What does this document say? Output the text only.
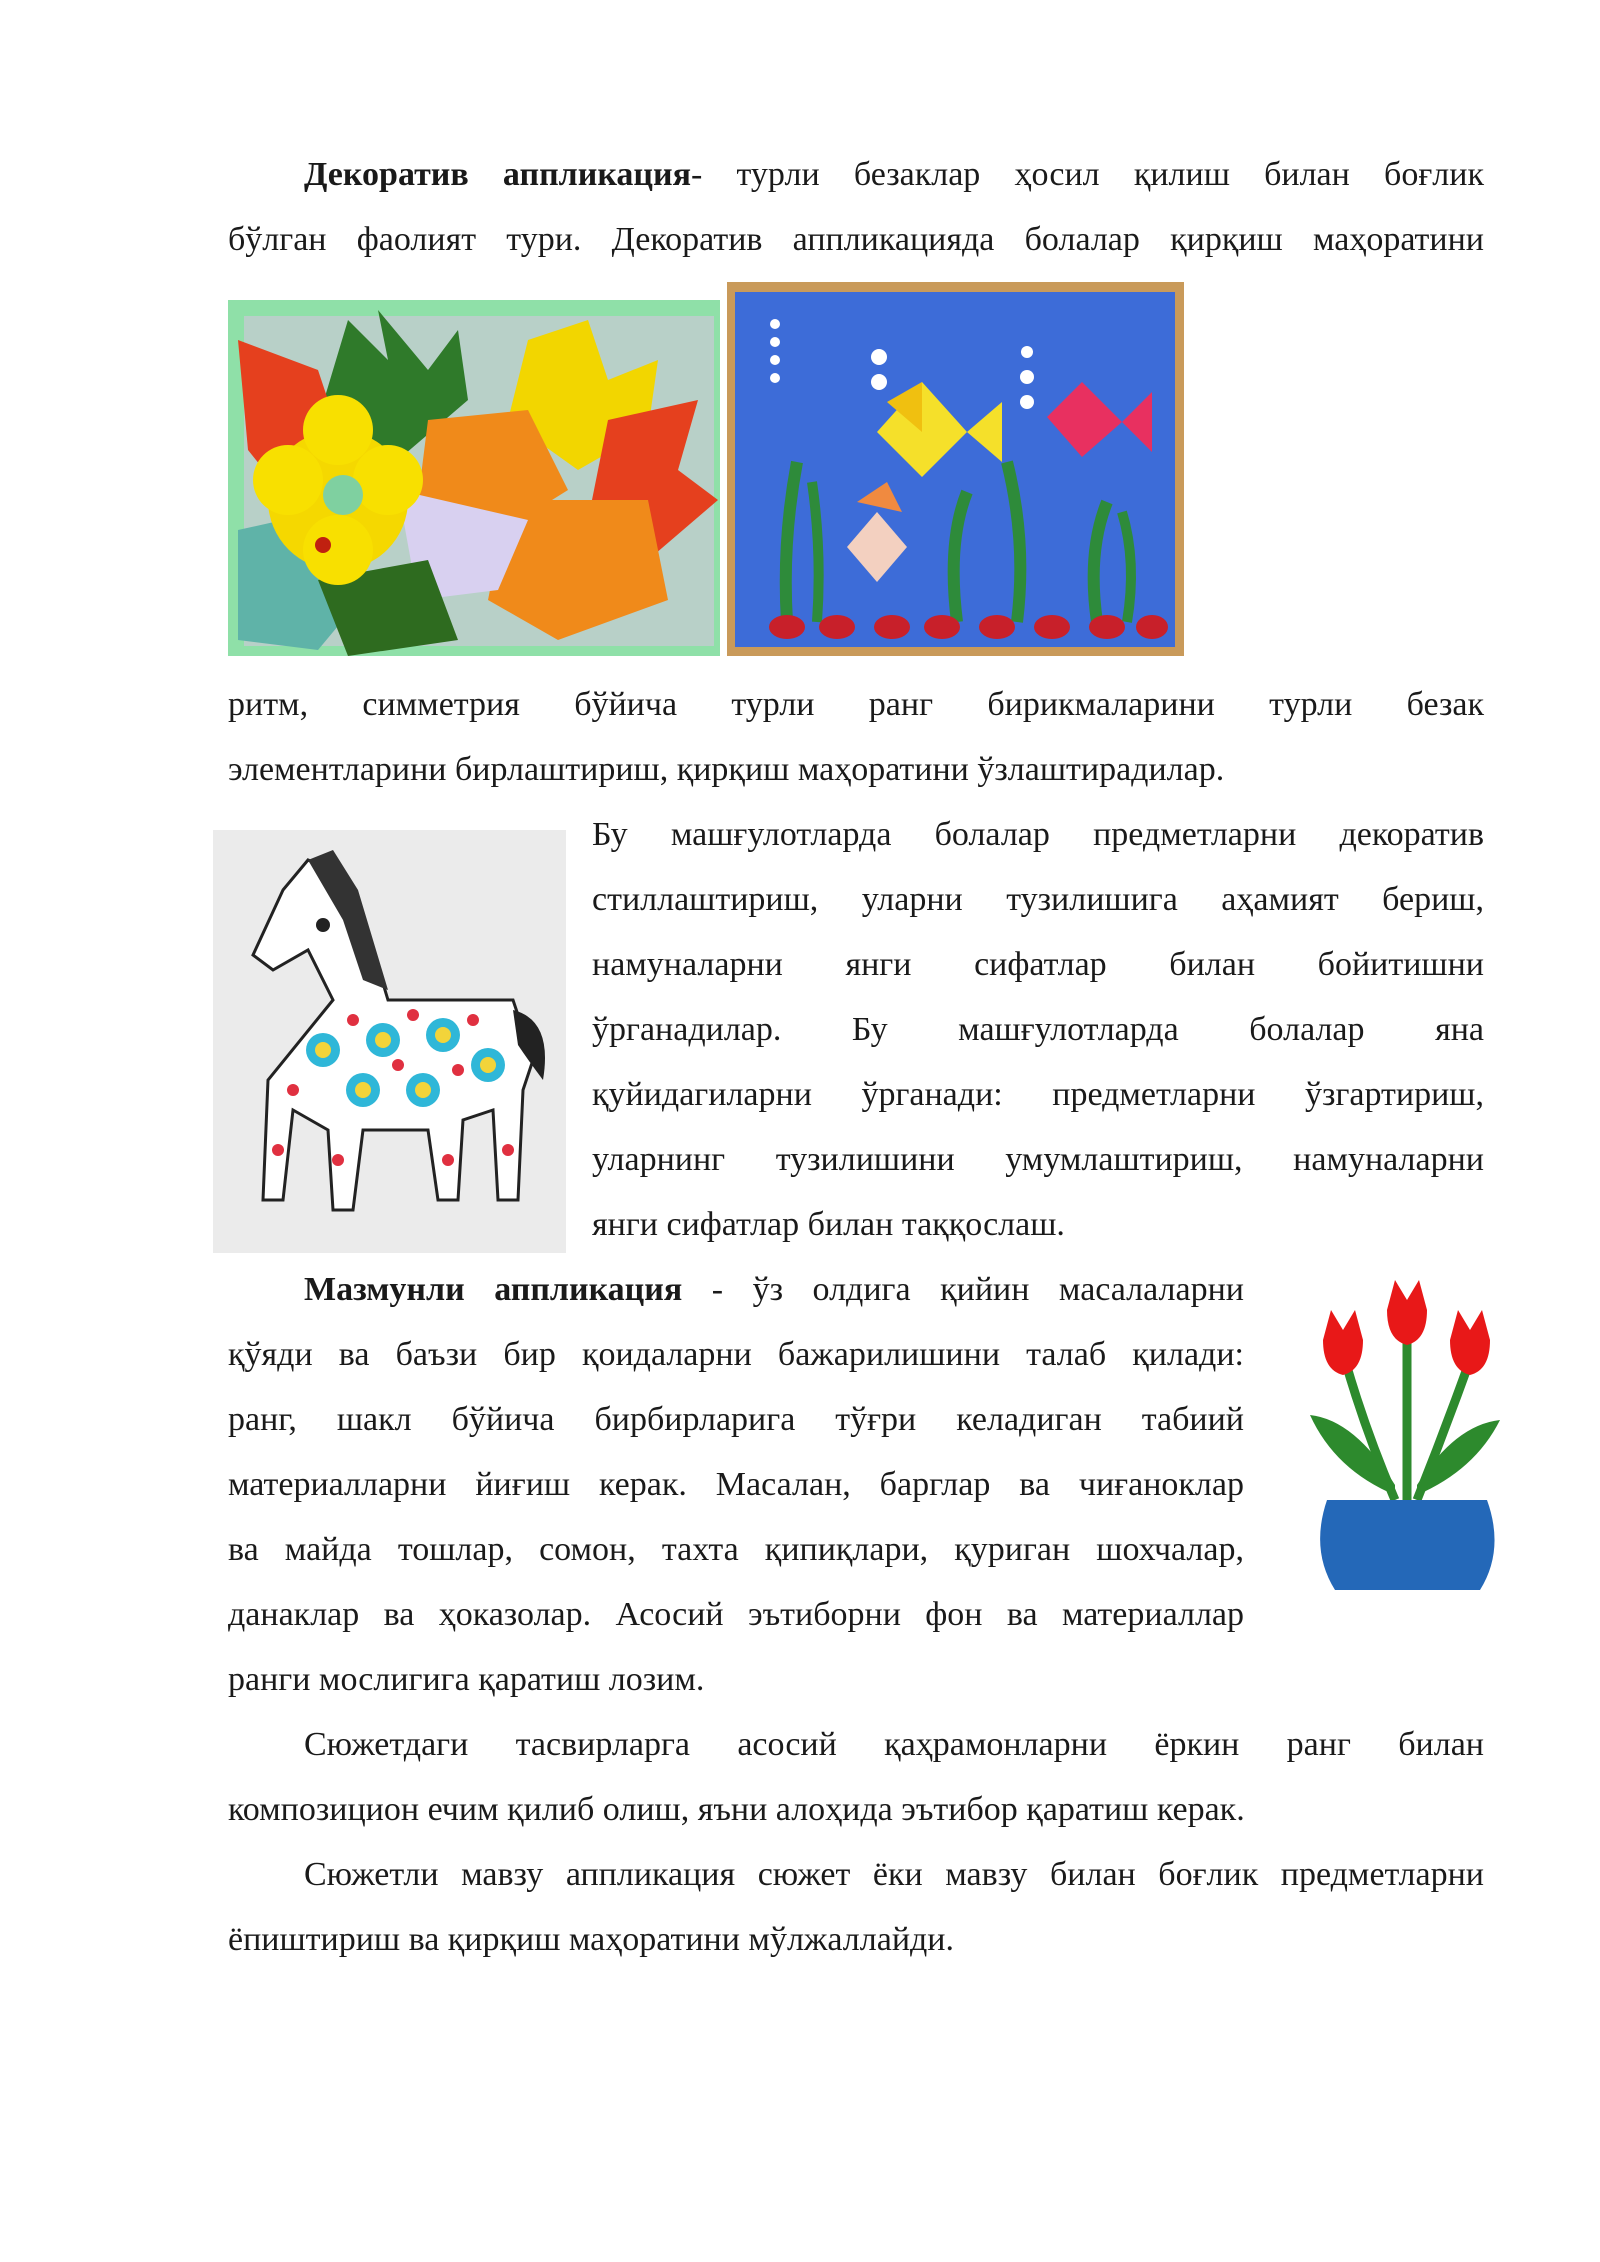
Декоратив аппликация- турли безаклар ҳосил қилиш билан боғлик
бўлган фаолият тури. Декоратив аппликацияда болалар қирқиш маҳоратини
ритм, симметрия бўйича турли ранг бирикмаларини турли безак
элементларини бирлаштириш, қирқиш маҳоратини ўзлаштирадилар.
Бу машғулотларда болалар предметларни декоратив
стиллаштириш, уларни тузилишига аҳамият бериш,
намуналарни янги сифатлар билан бойитишни
ўрганадилар. Бу машғулотларда болалар яна
қуйидагиларни ўрганади: предметларни ўзгартириш,
уларнинг тузилишини умумлаштириш, намуналарни
янги сифатлар билан таққослаш.
Мазмунли аппликация - ўз олдига қийин масалаларни
қўяди ва баъзи бир қоидаларни бажарилишини талаб қилади:
ранг, шакл бўйича бирбирларига тўғри келадиган табиий
материалларни йиғиш керак. Масалан, барглар ва чиғаноклар
ва майда тошлар, сомон, тахта қипиқлари, қуриган шохчалар,
данаклар ва ҳоказолар. Асосий эътиборни фон ва материаллар
ранги мослигига қаратиш лозим.
Сюжетдаги тасвирларга асосий қаҳрамонларни ёркин ранг билан
композицион ечим қилиб олиш, яъни алоҳида эътибор қаратиш керак.
Сюжетли мавзу аппликация сюжет ёки мавзу билан боғлик предметларни
ёпиштириш ва қирқиш маҳоратини мўлжаллайди.
